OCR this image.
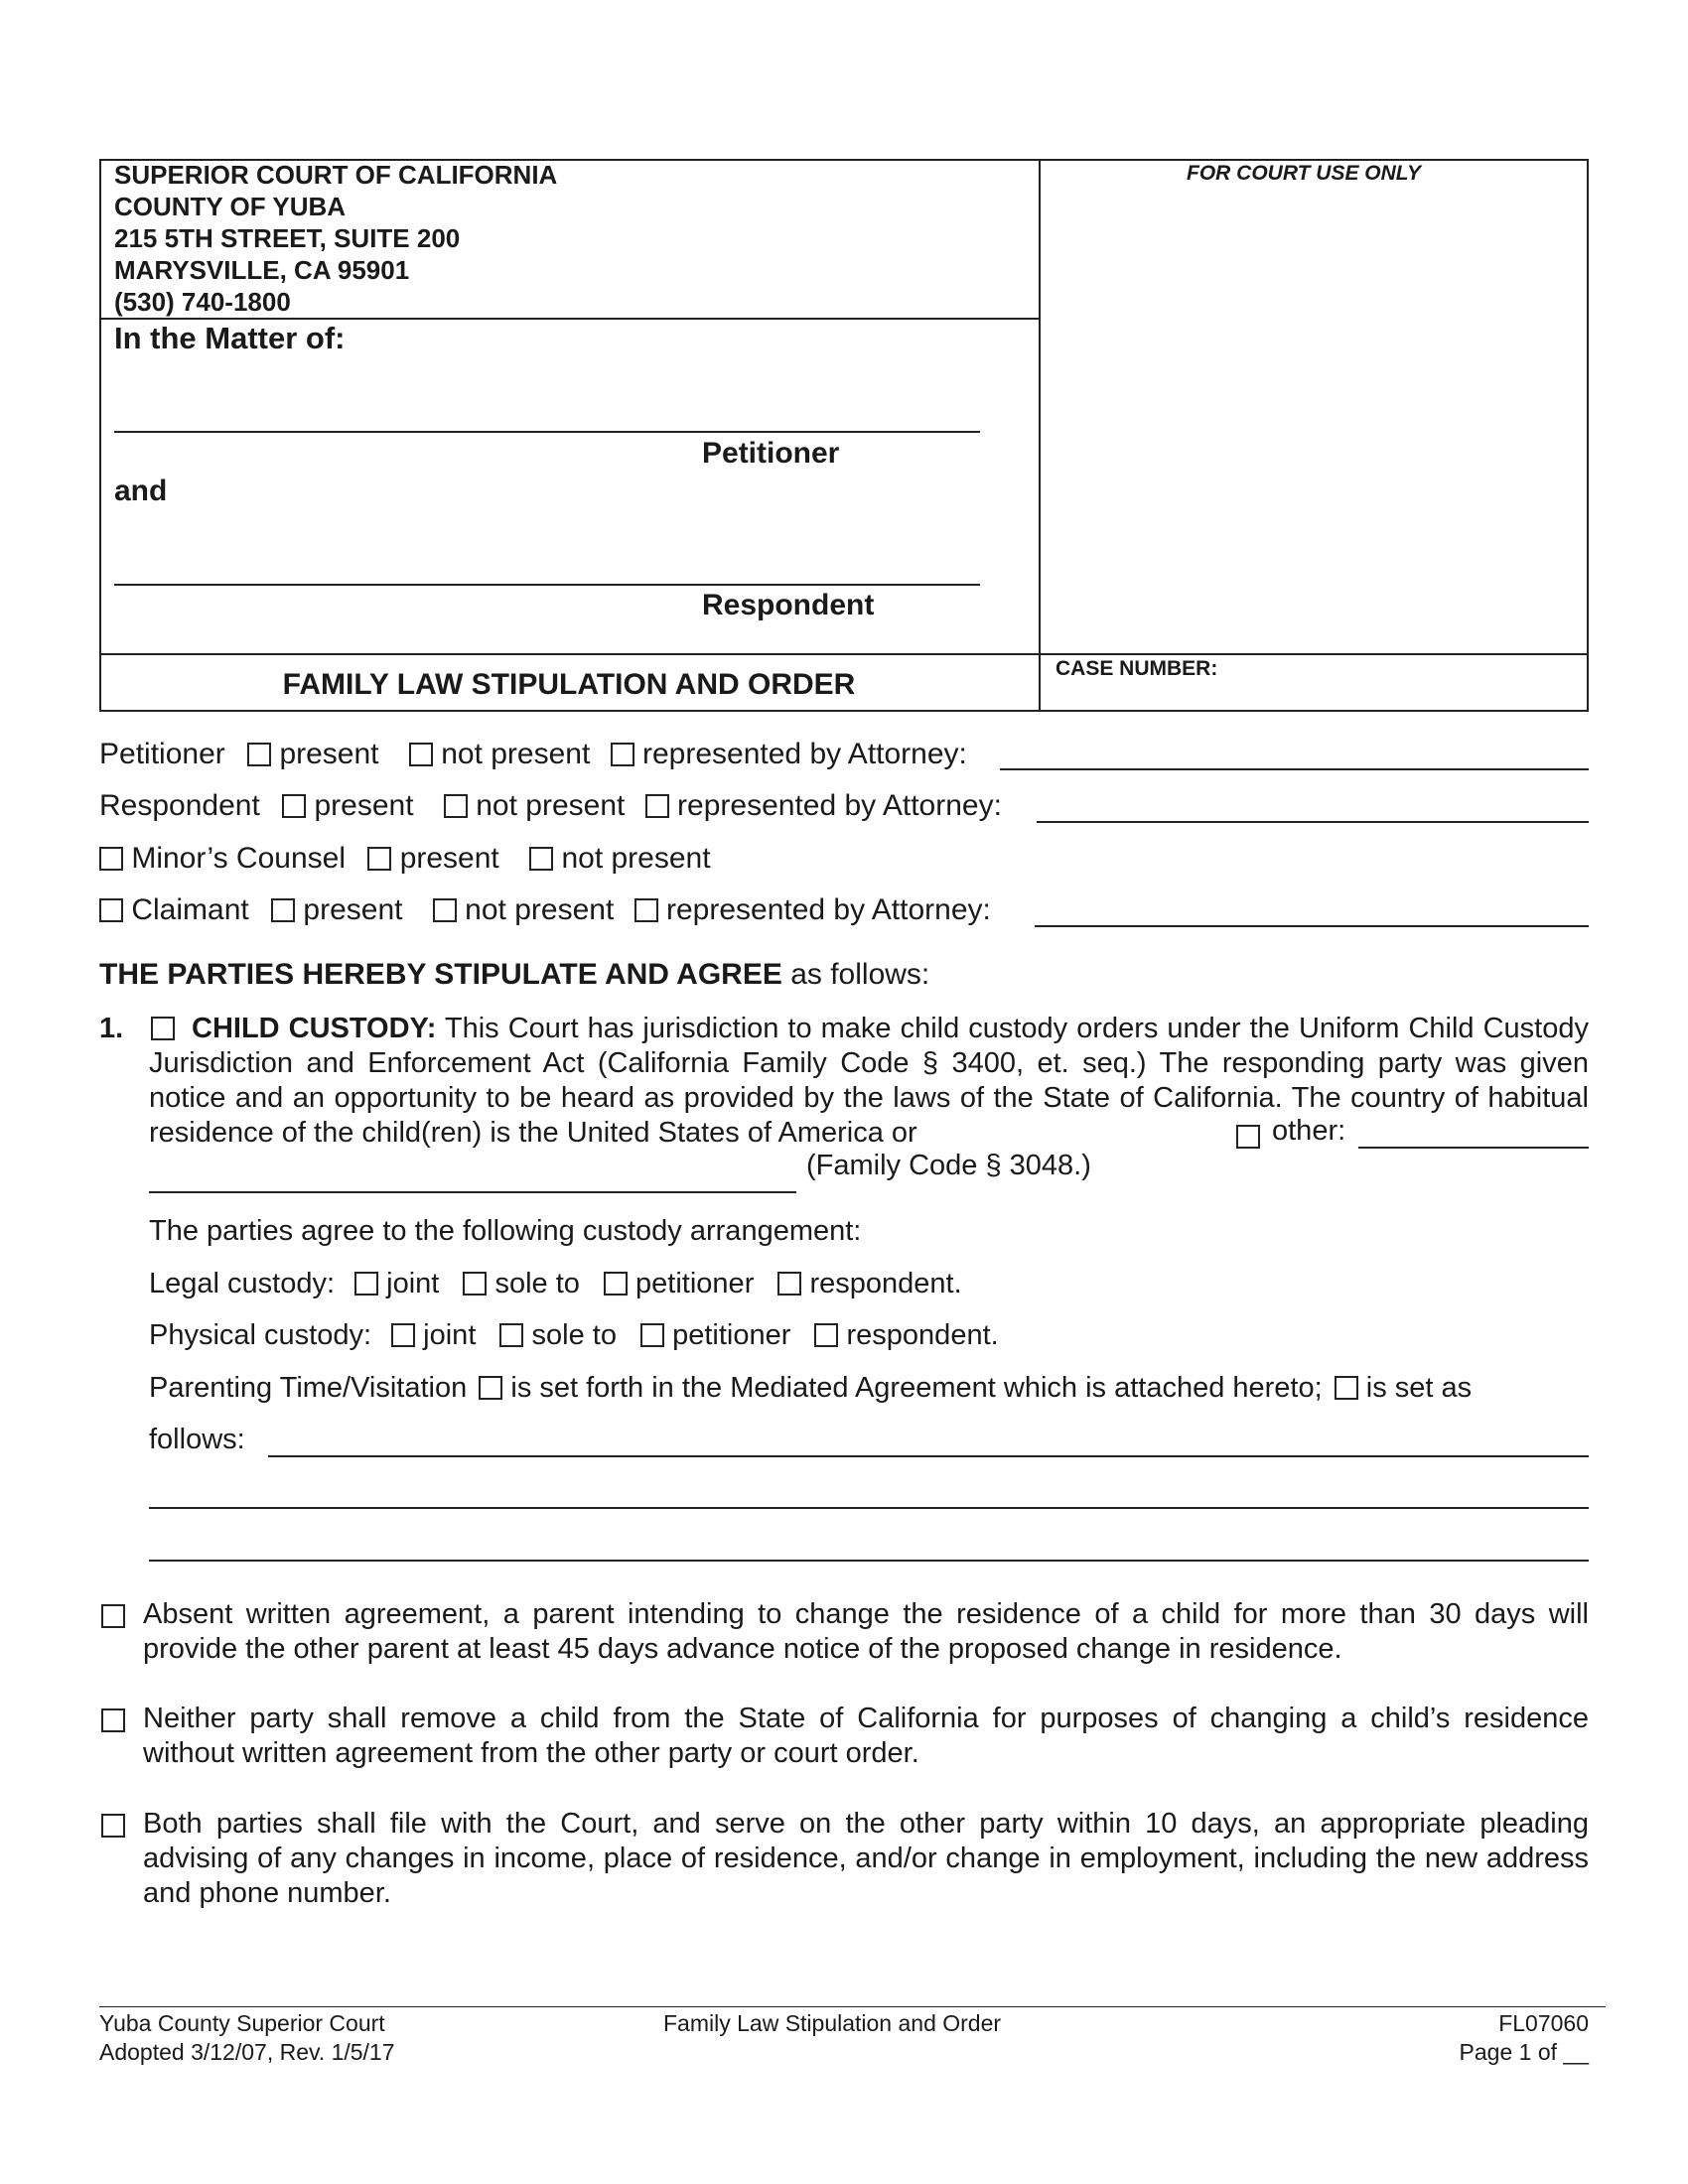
SUPERIOR COURT OF CALIFORNIA
COUNTY OF YUBA
215 5TH STREET, SUITE 200
MARYSVILLE, CA 95901
(530) 740-1800
FOR COURT USE ONLY
In the Matter of:
Petitioner
and
Respondent
FAMILY LAW STIPULATION AND ORDER	CASE NUMBER:
Petitioner present not present represented by Attorney:
Respondent present not present represented by Attorney:
Minor’s Counsel present not present
Claimant present not present represented by Attorney:
THE PARTIES HEREBY STIPULATE AND AGREE as follows:
1.	CHILD CUSTODY: This Court has jurisdiction to make child custody orders under the Uniform Child Custody Jurisdiction and Enforcement Act (California Family Code § 3400, et. seq.) The responding party was given notice and an opportunity to be heard as provided by the laws of the State of California. The country of habitual residence of the child(ren) is the United States of America or	other:
(Family Code § 3048.)
The parties agree to the following custody arrangement:
Legal custody: joint sole to petitioner respondent.
Physical custody: joint sole to petitioner respondent.
Parenting Time/Visitation is set forth in the Mediated Agreement which is attached hereto; is set as
follows:
Absent written agreement, a parent intending to change the residence of a child for more than 30 days will provide the other parent at least 45 days advance notice of the proposed change in residence.
Neither party shall remove a child from the State of California for purposes of changing a child’s residence without written agreement from the other party or court order.
Both parties shall file with the Court, and serve on the other party within 10 days, an appropriate pleading advising of any changes in income, place of residence, and/or change in employment, including the new address and phone number.
Yuba County Superior Court
Adopted 3/12/07, Rev. 1/5/17
Family Law Stipulation and Order	FL07060
Page 1 of __
